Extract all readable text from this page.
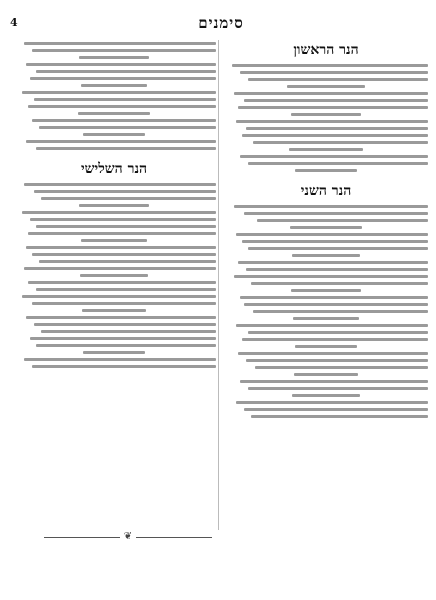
4	סימנים
הנר הראשון
הנר השני
הנר השלישי
❦
